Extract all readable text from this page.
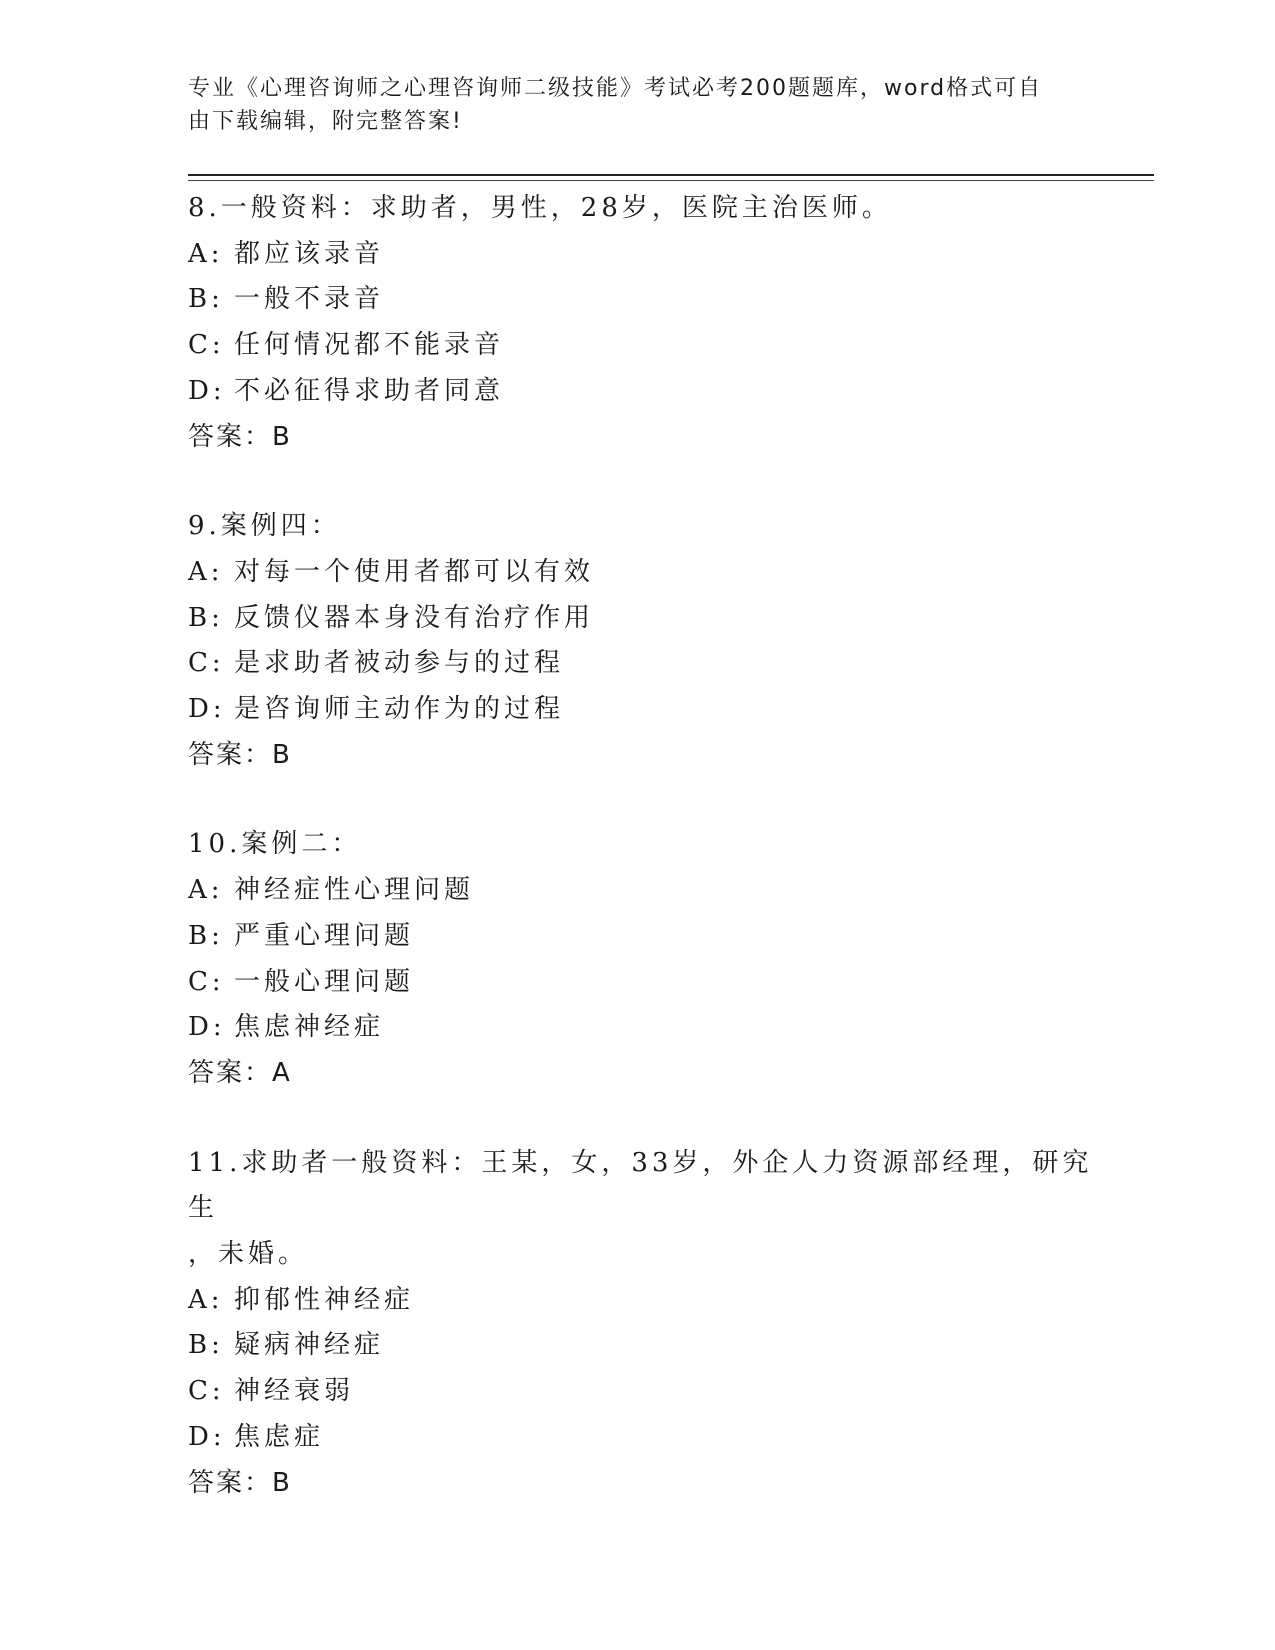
专业《心理咨询师之心理咨询师二级技能》考试必考200题题库，word格式可自
由下载编辑，附完整答案!

8.一般资料：求助者，男性，28岁，医院主治医师。

A: 都应该录音

B: 一般不录音

C: 任何情况都不能录音

D: 不必征得求助者同意

答案：B

9.案例四：

A: 对每一个使用者都可以有效

B: 反馈仪器本身没有治疗作用

C: 是求助者被动参与的过程

D: 是咨询师主动作为的过程

答案：B

10.案例二：

A: 神经症性心理问题

B: 严重心理问题

C: 一般心理问题

D: 焦虑神经症

答案：A

11.求助者一般资料：王某，女，33岁，外企人力资源部经理，研究生
，未婚。

A: 抑郁性神经症

B: 疑病神经症

C: 神经衰弱

D: 焦虑症

答案：B
